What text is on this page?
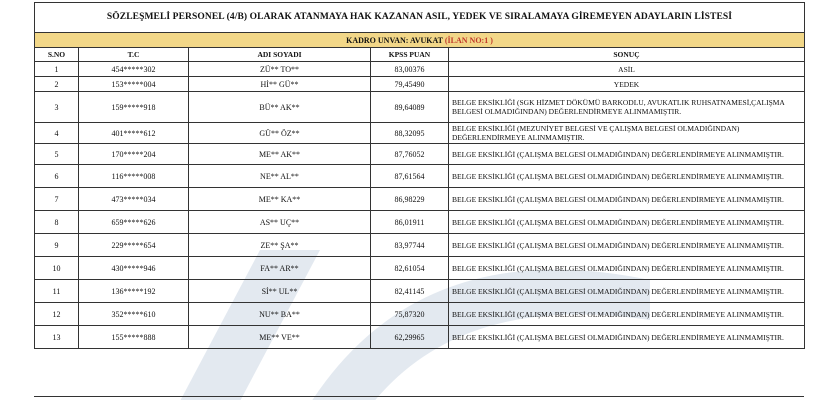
SÖZLEŞMELİ PERSONEL (4/B) OLARAK ATANMAYA HAK KAZANAN ASIL, YEDEK VE SIRALAMAYA GİREMEYEN ADAYLARIN LİSTESİ				
KADRO UNVAN: AVUKAT (İLAN NO:1 )				
S.NO	T.C	ADI SOYADI	KPSS PUAN	SONUÇ
1	454*****302	ZÜ** TO**	83,00376	ASİL
2	153*****004	Hİ** GÜ**	79,45490	YEDEK
3	159*****918	BÜ** AK**	89,64089	BELGE EKSİKLİĞİ (SGK HİZMET DÖKÜMÜ BARKODLU, AVUKATLIK RUHSATNAMESİ,ÇALIŞMA BELGESİ OLMADIĞINDAN) DEĞERLENDİRMEYE ALINMAMIŞTIR.
4	401*****612	GÜ** ÖZ**	88,32095	BELGE EKSİKLİĞİ (MEZUNİYET BELGESİ VE ÇALIŞMA BELGESİ OLMADIĞINDAN) DEĞERLENDİRMEYE ALINMAMIŞTIR.
5	170*****204	ME** AK**	87,76052	BELGE EKSİKLİĞİ (ÇALIŞMA BELGESİ OLMADIĞINDAN) DEĞERLENDİRMEYE ALINMAMIŞTIR.
6	116*****008	NE** AL**	87,61564	BELGE EKSİKLİĞİ (ÇALIŞMA BELGESİ OLMADIĞINDAN) DEĞERLENDİRMEYE ALINMAMIŞTIR.
7	473*****034	ME** KA**	86,98229	BELGE EKSİKLİĞİ (ÇALIŞMA BELGESİ OLMADIĞINDAN) DEĞERLENDİRMEYE ALINMAMIŞTIR.
8	659*****626	AS** UÇ**	86,01911	BELGE EKSİKLİĞİ (ÇALIŞMA BELGESİ OLMADIĞINDAN) DEĞERLENDİRMEYE ALINMAMIŞTIR.
9	229*****654	ZE** ŞA**	83,97744	BELGE EKSİKLİĞİ (ÇALIŞMA BELGESİ OLMADIĞINDAN) DEĞERLENDİRMEYE ALINMAMIŞTIR.
10	430*****946	FA** AR**	82,61054	BELGE EKSİKLİĞİ (ÇALIŞMA BELGESİ OLMADIĞINDAN) DEĞERLENDİRMEYE ALINMAMIŞTIR.
11	136*****192	Sİ** UL**	82,41145	BELGE EKSİKLİĞİ (ÇALIŞMA BELGESİ OLMADIĞINDAN) DEĞERLENDİRMEYE ALINMAMIŞTIR.
12	352*****610	NU** BA**	75,87320	BELGE EKSİKLİĞİ (ÇALIŞMA BELGESİ OLMADIĞINDAN) DEĞERLENDİRMEYE ALINMAMIŞTIR.
13	155*****888	ME** VE**	62,29965	BELGE EKSİKLİĞİ (ÇALIŞMA BELGESİ OLMADIĞINDAN) DEĞERLENDİRMEYE ALINMAMIŞTIR.
